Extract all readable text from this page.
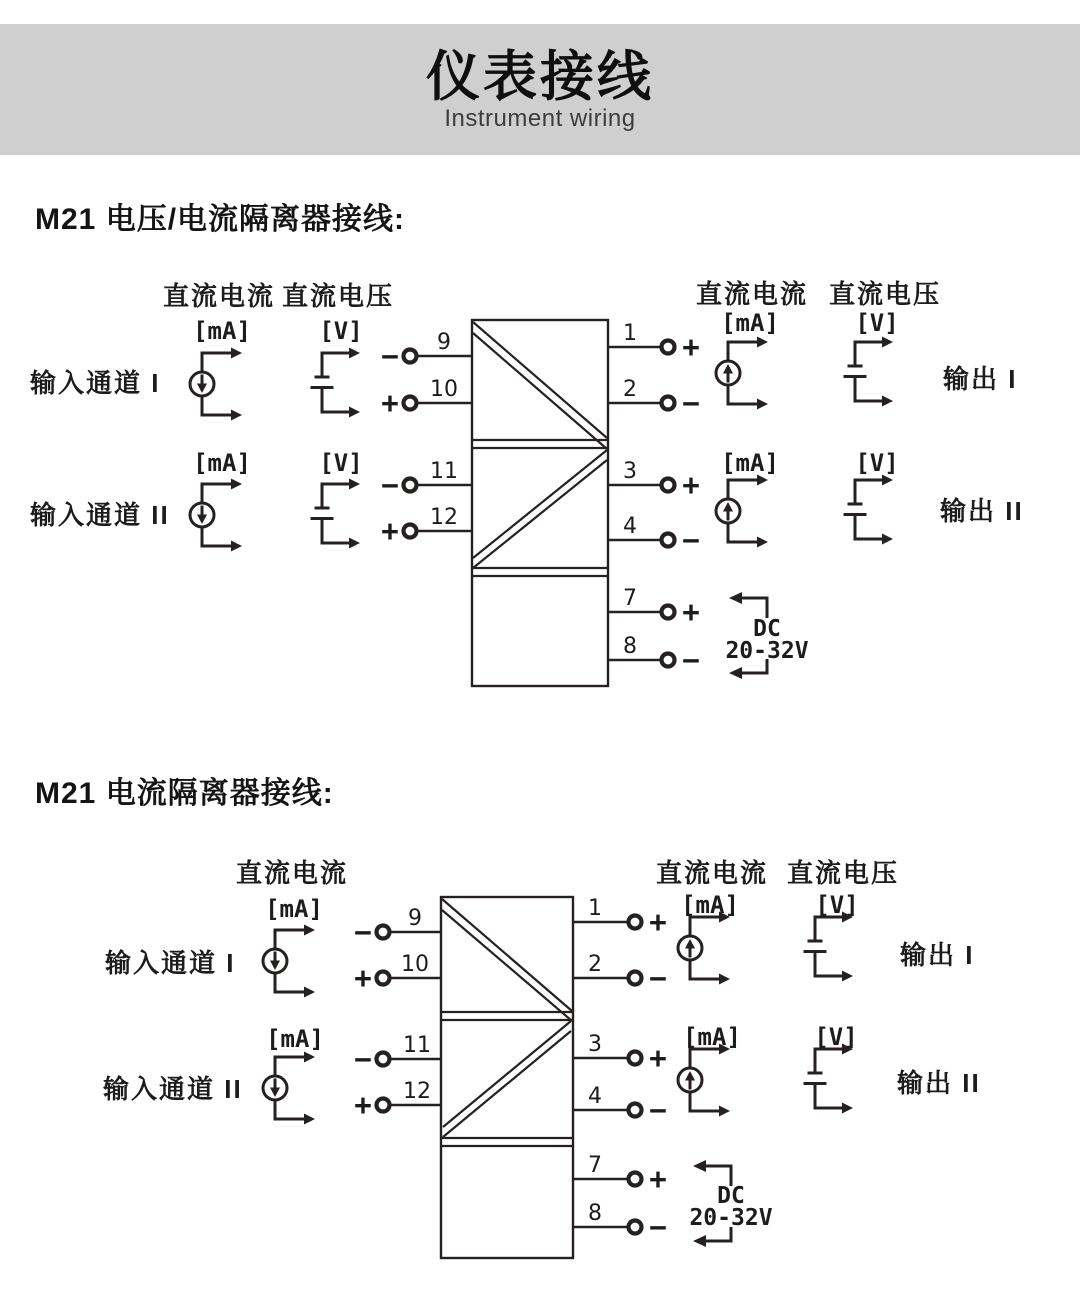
仪表接线
Instrument wiring
M21 电压/电流隔离器接线:
直流电流 直流电压	直流电流 直流电压
[mA]	[V]
输入通道 I
− 9
+ 10
[mA]	[V]
输入通道 II
− 11
+ 12
[mA]	[V]
+
1
−
2	输出 I
[mA]	[V]
+
3
−
4
输出 II
+
7
−
8
DC
20-32V
M21 电流隔离器接线:
直流电流	直流电流 直流电压
[mA]
输入通道 I
− 9
+ 10
[mA]
输入通道 II
− 11
+ 12
[mA]	[V]
+
1
−
2	输出 I
[mA]	[V]
+
3
−
4	输出 II
+
7
−
8
DC
20-32V
